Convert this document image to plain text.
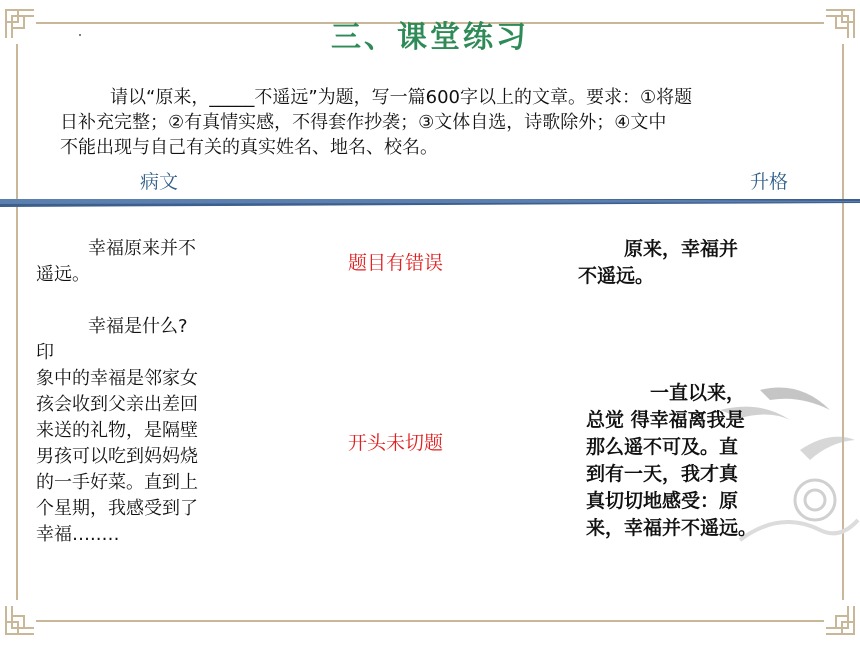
三、课堂练习
请以“原来，_____不遥远”为题，写一篇600字以上的文章。要求：①将题
日补充完整；②有真情实感，不得套作抄袭；③文体自选，诗歌除外；④文中
不能出现与自己有关的真实姓名、地名、校名。
病文	升格
幸福原来并不
遥远。
幸福是什么?
印
象中的幸福是邻家女
孩会收到父亲出差回
来送的礼物，是隔壁
男孩可以吃到妈妈烧
的一手好菜。直到上
个星期，我感受到了
幸福…..…
题目有错误
开头未切题
原来，幸福并
不遥远。
一直以来，
总觉 得幸福离我是
那么遥不可及。直
到有一天，我才真
真切切地感受：原
来，幸福并不遥远。
